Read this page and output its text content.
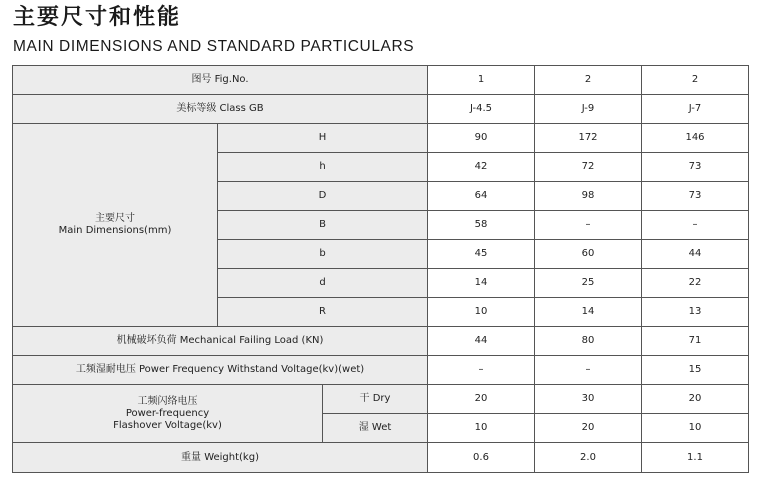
主要尺寸和性能
MAIN DIMENSIONS AND STANDARD PARTICULARS
图号 Fig.No.			1	2	2
美标等级 Class GB			J-4.5	J-9	J-7

主要尺寸
Main Dimensions(mm)	H		90	172	146
	h		42	72	73
	D		64	98	73
	B		58	–	–
	b		45	60	44
	d		14	25	22
	R		10	14	13
机械破坏负荷 Mechanical Failing Load (KN)			44	80	71
工频湿耐电压 Power Frequency Withstand Voltage(kv)(wet)			–	–	15

工频闪络电压
Power-frequency
Flashover Voltage(kv)		干 Dry	20	30	20
		湿 Wet	10	20	10
重量 Weight(kg)			0.6	2.0	1.1
